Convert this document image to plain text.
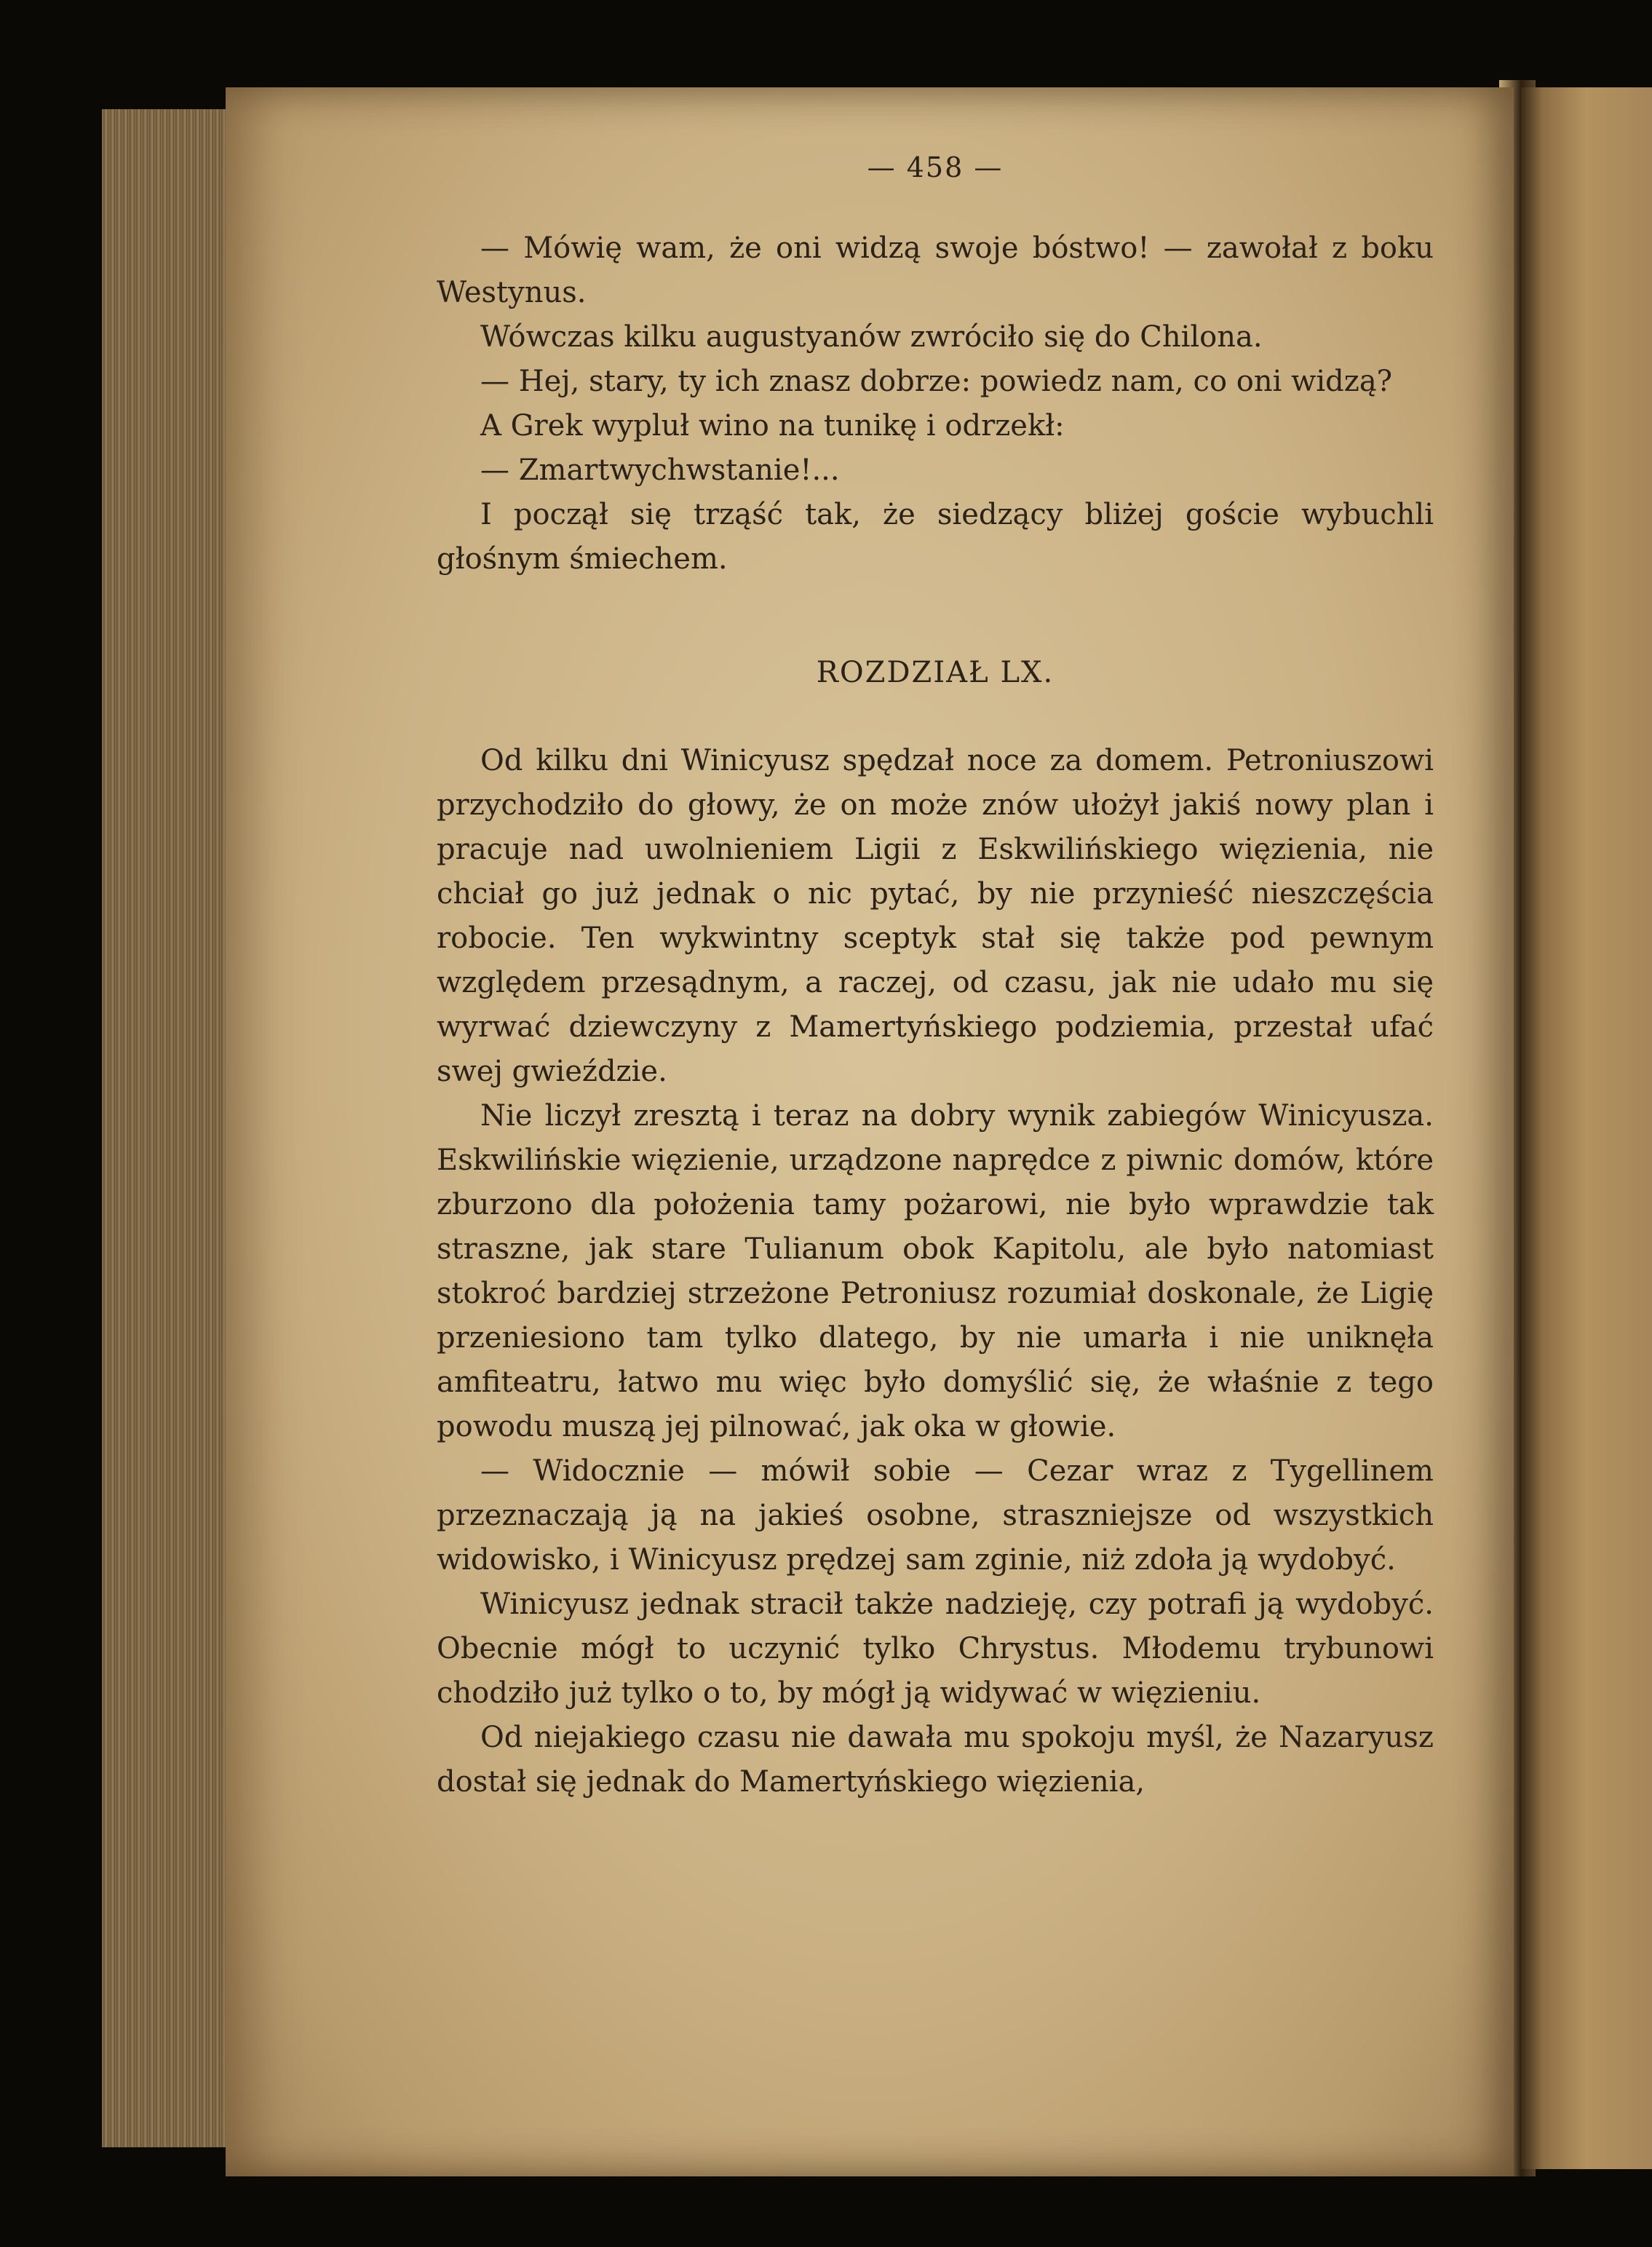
— 458 —

— Mówię wam, że oni widzą swoje bóstwo! — zawołał z boku Westynus.

Wówczas kilku augustyanów zwróciło się do Chilona.

— Hej, stary, ty ich znasz dobrze: powiedz nam, co oni widzą?

A Grek wypluł wino na tunikę i odrzekł:

— Zmartwychwstanie!...

I począł się trząść tak, że siedzący bliżej goście wybuchli głośnym śmiechem.

ROZDZIAŁ LX.

Od kilku dni Winicyusz spędzał noce za domem. Petroniuszowi przychodziło do głowy, że on może znów ułożył jakiś nowy plan i pracuje nad uwolnieniem Ligii z Eskwilińskiego więzienia, nie chciał go już jednak o nic pytać, by nie przynieść nieszczęścia robocie. Ten wykwintny sceptyk stał się także pod pewnym względem przesądnym, a raczej, od czasu, jak nie udało mu się wyrwać dziewczyny z Mamertyńskiego podziemia, przestał ufać swej gwieździe.

Nie liczył zresztą i teraz na dobry wynik zabiegów Winicyusza. Eskwilińskie więzienie, urządzone naprędce z piwnic domów, które zburzono dla położenia tamy pożarowi, nie było wprawdzie tak straszne, jak stare Tulianum obok Kapitolu, ale było natomiast stokroć bardziej strzeżone Petroniusz rozumiał doskonale, że Ligię przeniesiono tam tylko dlatego, by nie umarła i nie uniknęła amfiteatru, łatwo mu więc było domyślić się, że właśnie z tego powodu muszą jej pilnować, jak oka w głowie.

— Widocznie — mówił sobie — Cezar wraz z Tygellinem przeznaczają ją na jakieś osobne, straszniejsze od wszystkich widowisko, i Winicyusz prędzej sam zginie, niż zdoła ją wydobyć.

Winicyusz jednak stracił także nadzieję, czy potrafi ją wydobyć. Obecnie mógł to uczynić tylko Chrystus. Młodemu trybunowi chodziło już tylko o to, by mógł ją widywać w więzieniu.

Od niejakiego czasu nie dawała mu spokoju myśl, że Nazaryusz dostał się jednak do Mamertyńskiego więzienia,
